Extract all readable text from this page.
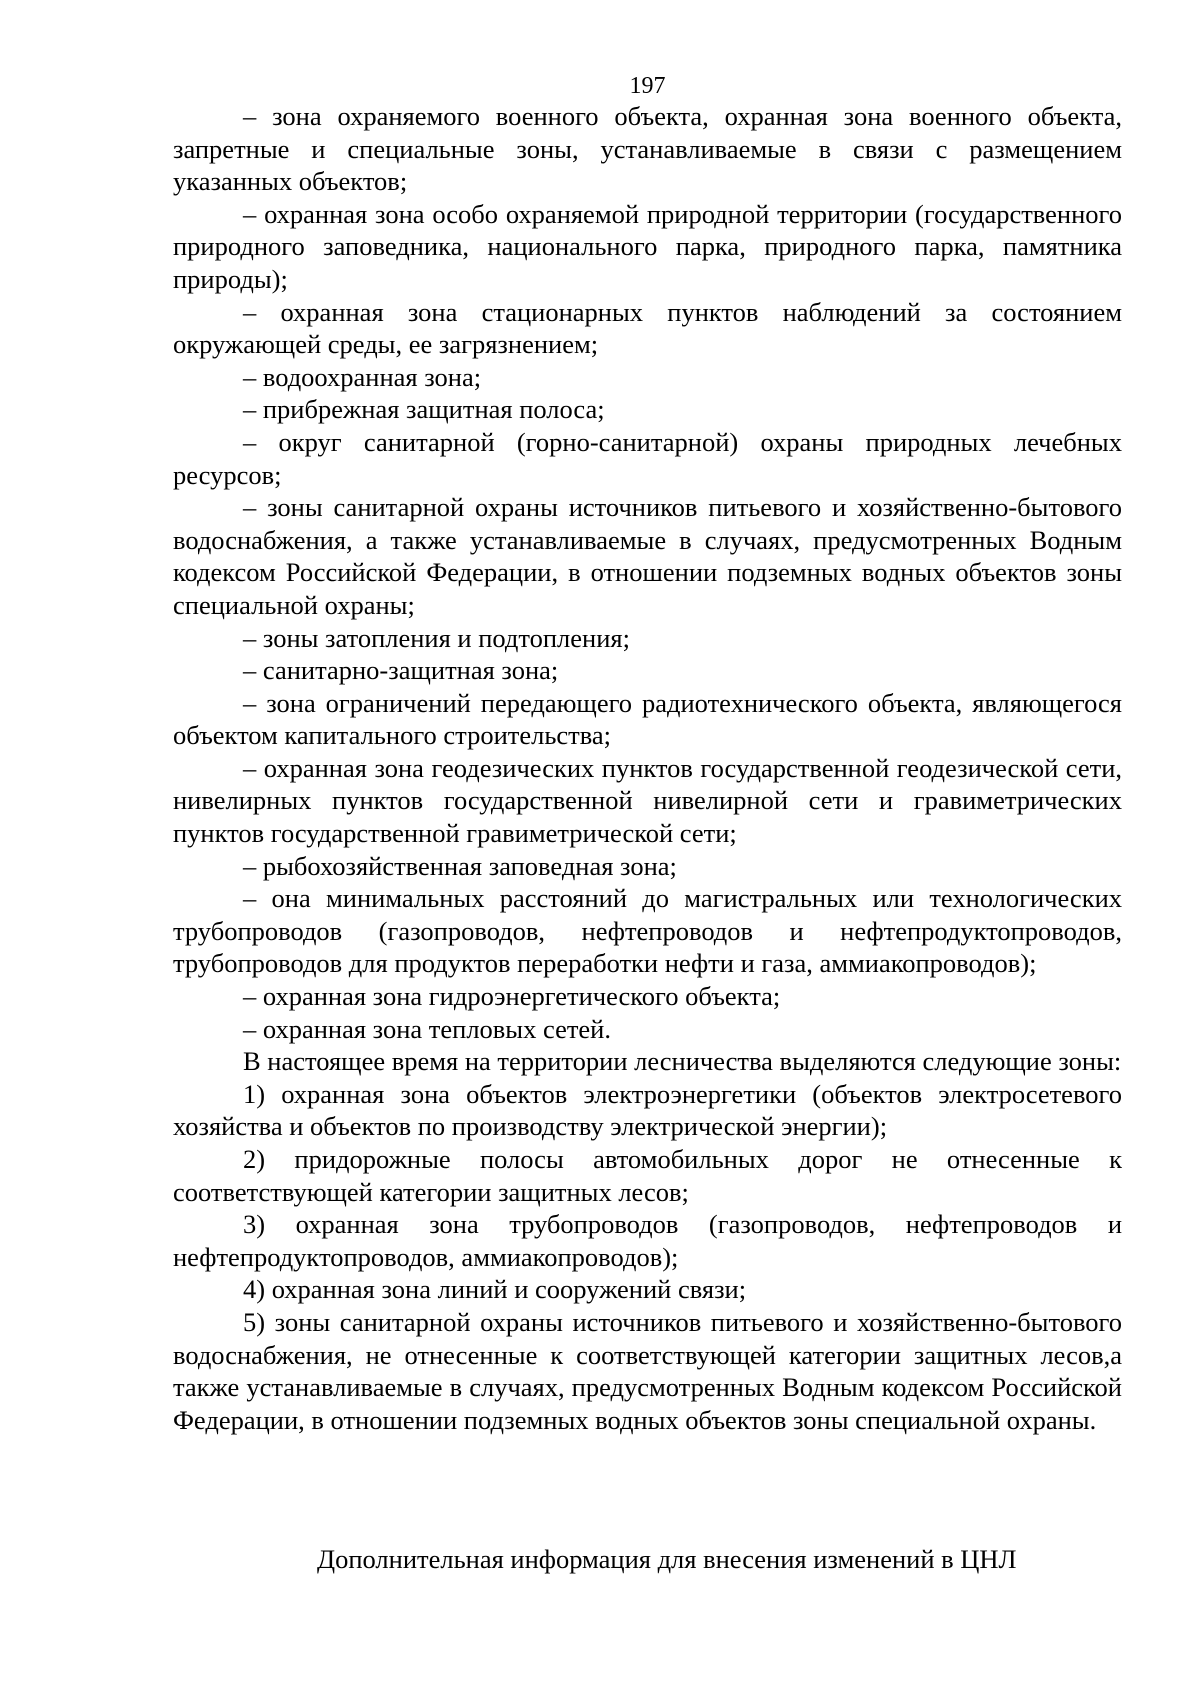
197

– зона охраняемого военного объекта, охранная зона военного объекта, запретные и специальные зоны, устанавливаемые в связи с размещением указанных объектов;

– охранная зона особо охраняемой природной территории (государственного природного заповедника, национального парка, природного парка, памятника природы);

– охранная зона стационарных пунктов наблюдений за состоянием окружающей среды, ее загрязнением;

– водоохранная зона;

– прибрежная защитная полоса;

– округ санитарной (горно-санитарной) охраны природных лечебных ресурсов;

– зоны санитарной охраны источников питьевого и хозяйственно-бытового водоснабжения, а также устанавливаемые в случаях, предусмотренных Водным кодексом Российской Федерации, в отношении подземных водных объектов зоны специальной охраны;

– зоны затопления и подтопления;

– санитарно-защитная зона;

– зона ограничений передающего радиотехнического объекта, являющегося объектом капитального строительства;

– охранная зона геодезических пунктов государственной геодезической сети, нивелирных пунктов государственной нивелирной сети и гравиметрических пунктов государственной гравиметрической сети;

– рыбохозяйственная заповедная зона;

– она минимальных расстояний до магистральных или технологических трубопроводов (газопроводов, нефтепроводов и нефтепродуктопроводов, трубопроводов для продуктов переработки нефти и газа, аммиакопроводов);

– охранная зона гидроэнергетического объекта;

– охранная зона тепловых сетей.

В настоящее время на территории лесничества выделяются следующие зоны:

1) охранная зона объектов электроэнергетики (объектов электросетевого хозяйства и объектов по производству электрической энергии);

2) придорожные полосы автомобильных дорог не отнесенные к соответствующей категории защитных лесов;

3) охранная зона трубопроводов (газопроводов, нефтепроводов и нефтепродуктопроводов, аммиакопроводов);

4) охранная зона линий и сооружений связи;

5) зоны санитарной охраны источников питьевого и хозяйственно-бытового водоснабжения, не отнесенные к соответствующей категории защитных лесов,а также устанавливаемые в случаях, предусмотренных Водным кодексом Российской Федерации, в отношении подземных водных объектов зоны специальной охраны.

Дополнительная информация для внесения изменений в ЦНЛ
